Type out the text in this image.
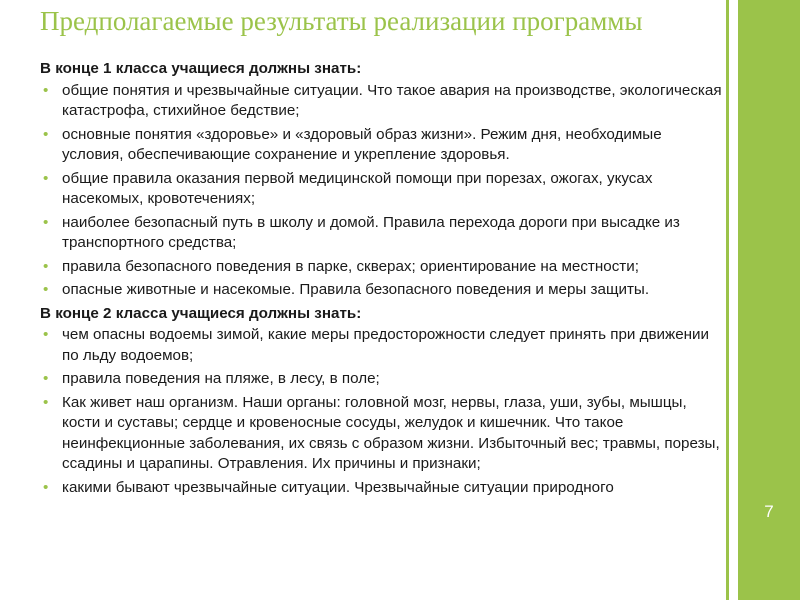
Предполагаемые результаты реализации программы
7
В конце 1 класса учащиеся должны знать:
• общие понятия и чрезвычайные ситуации. Что такое авария на производстве, экологическая катастрофа, стихийное бедствие;
• основные понятия «здоровье» и «здоровый образ жизни». Режим дня, необходимые условия, обеспечивающие сохранение и укрепление здоровья.
• общие правила оказания первой медицинской помощи при порезах, ожогах, укусах насекомых, кровотечениях;
• наиболее безопасный путь в школу и домой. Правила перехода дороги при высадке из транспортного средства;
• правила безопасного поведения в парке, скверах; ориентирование на местности;
• опасные животные и насекомые. Правила безопасного поведения и меры защиты.
В конце 2 класса учащиеся должны знать:
• чем опасны водоемы зимой, какие меры предосторожности следует принять при движении по льду водоемов;
• правила поведения на пляже, в лесу, в поле;
• Как живет наш организм. Наши органы: головной мозг, нервы, глаза, уши, зубы, мышцы, кости и суставы; сердце и кровеносные сосуды, желудок и кишечник. Что такое неинфекционные заболевания, их связь с образом жизни. Избыточный вес; травмы, порезы, ссадины и царапины. Отравления. Их причины и признаки;
• какими бывают чрезвычайные ситуации. Чрезвычайные ситуации природного
